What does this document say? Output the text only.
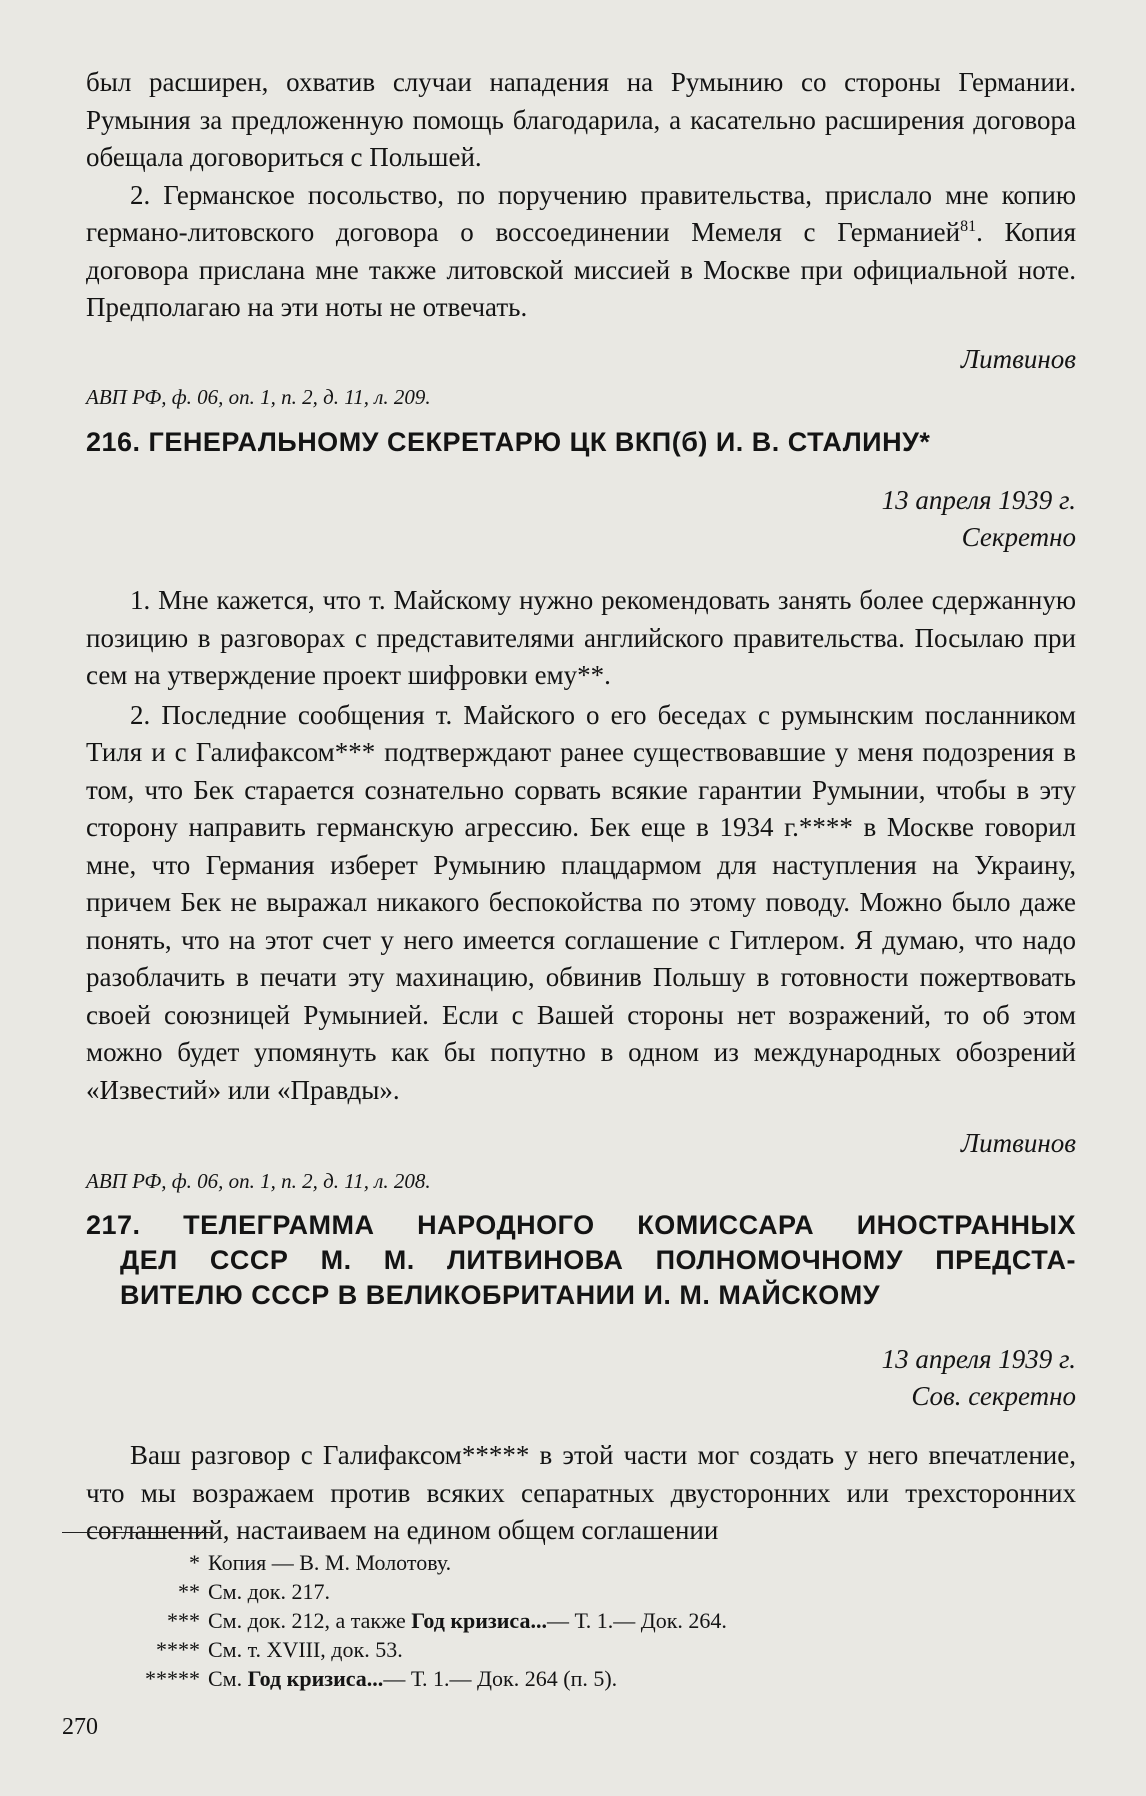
был расширен, охватив случаи нападения на Румынию со стороны Германии. Румыния за предложенную помощь благодарила, а касательно расширения договора обещала договориться с Польшей.

2. Германское посольство, по поручению правительства, прислало мне копию германо-литовского договора о воссоединении Мемеля с Германией$^{81}$. Копия договора прислана мне также литовской миссией в Москве при официальной ноте. Предполагаю на эти ноты не отвечать.

Литвинов

АВП РФ, ф. 06, оп. 1, п. 2, д. 11, л. 209.

216. ГЕНЕРАЛЬНОМУ СЕКРЕТАРЮ ЦК ВКП(б) И. В. СТАЛИНУ*

13 апреля 1939 г.

Секретно

1. Мне кажется, что т. Майскому нужно рекомендовать занять более сдержанную позицию в разговорах с представителями английского правительства. Посылаю при сем на утверждение проект шифровки ему**.

2. Последние сообщения т. Майского о его беседах с румынским посланником Тиля и с Галифаксом*** подтверждают ранее существовавшие у меня подозрения в том, что Бек старается сознательно сорвать всякие гарантии Румынии, чтобы в эту сторону направить германскую агрессию. Бек еще в 1934 г.**** в Москве говорил мне, что Германия изберет Румынию плацдармом для наступления на Украину, причем Бек не выражал никакого беспокойства по этому поводу. Можно было даже понять, что на этот счет у него имеется соглашение с Гитлером. Я думаю, что надо разоблачить в печати эту махинацию, обвинив Польшу в готовности пожертвовать своей союзницей Румынией. Если с Вашей стороны нет возражений, то об этом можно будет упомянуть как бы попутно в одном из международных обозрений «Известий» или «Правды».

Литвинов

АВП РФ, ф. 06, оп. 1, п. 2, д. 11, л. 208.

217. ТЕЛЕГРАММА НАРОДНОГО КОМИССАРА ИНОСТРАННЫХ

ДЕЛ СССР М. М. ЛИТВИНОВА ПОЛНОМОЧНОМУ ПРЕДСТА-

ВИТЕЛЮ СССР В ВЕЛИКОБРИТАНИИ И. М. МАЙСКОМУ

13 апреля 1939 г.

Сов. секретно

Ваш разговор с Галифаксом***** в этой части мог создать у него впечатление, что мы возражаем против всяких сепаратных двусторонних или трехсторонних соглашений, настаиваем на едином общем соглашении

* Копия — В. М. Молотову.

** См. док. 217.

*** См. док. 212, а также Год кризиса...— Т. 1.— Док. 264.

**** См. т. XVIII, док. 53.

***** См. Год кризиса...— Т. 1.— Док. 264 (п. 5).

270
